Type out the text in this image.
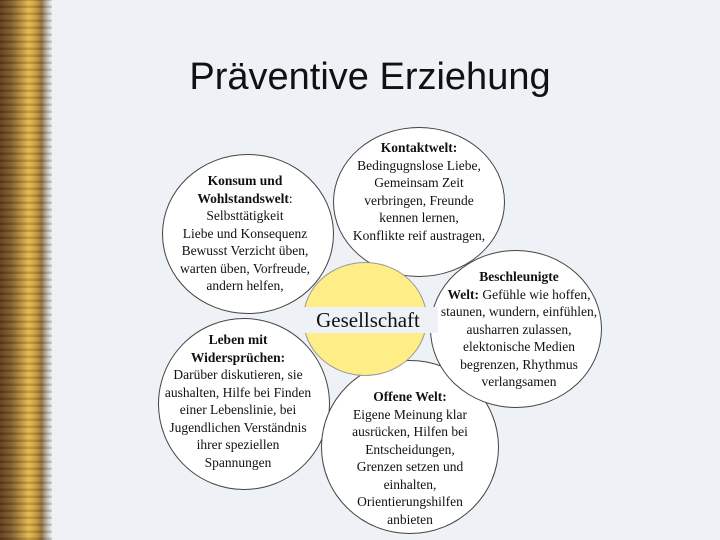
Präventive Erziehung
Kontaktwelt:
Bedingugnslose Liebe,
Gemeinsam Zeit
verbringen, Freunde
kennen lernen,
Konflikte reif austragen,
Konsum und
Wohlstandswelt:
Selbsttätigkeit
Liebe und Konsequenz
Bewusst Verzicht üben,
warten üben, Vorfreude,
andern helfen,
Leben mit
Widersprüchen:
Darüber diskutieren, sie
aushalten, Hilfe bei Finden
einer Lebenslinie, bei
Jugendlichen Verständnis
ihrer speziellen
Spannungen
Offene Welt:
Eigene Meinung klar
ausrücken, Hilfen bei
Entscheidungen,
Grenzen setzen und
einhalten,
Orientierungshilfen
anbieten
Beschleunigte
Welt: Gefühle wie hoffen,
staunen, wundern, einfühlen,
ausharren zulassen,
elektonische Medien
begrenzen, Rhythmus
verlangsamen
Gesellschaft
